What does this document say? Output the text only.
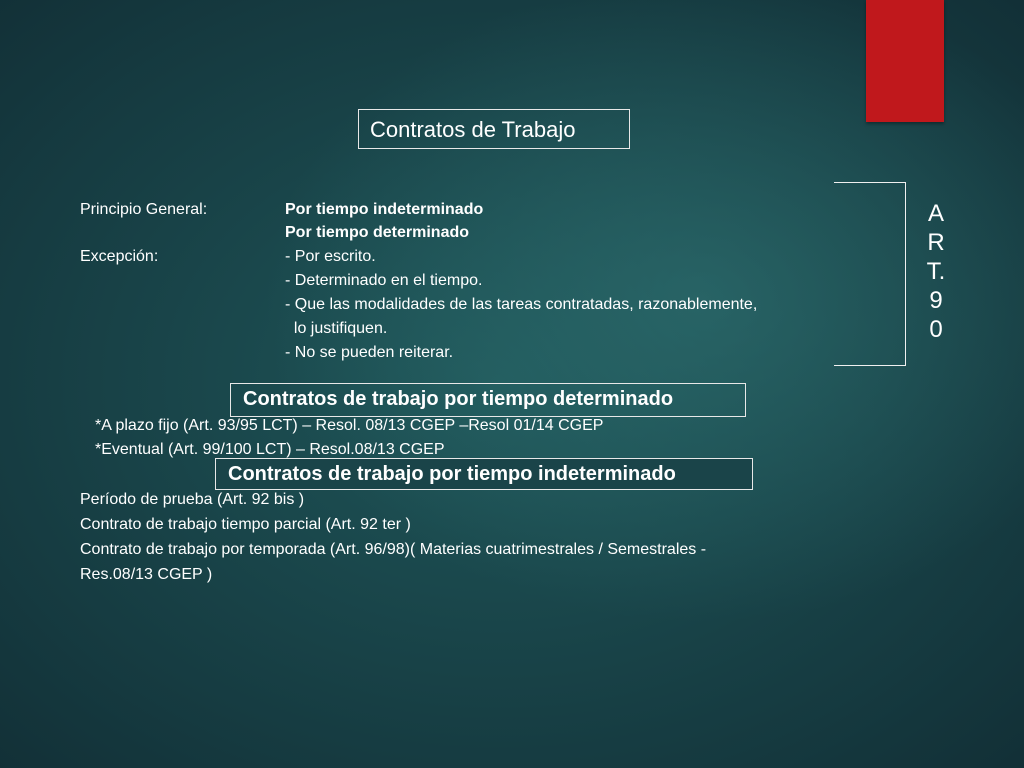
Contratos de Trabajo
Principio General:	Por tiempo indeterminado
Por tiempo determinado
Excepción:	- Por escrito.
- Determinado en el tiempo.
- Que las modalidades de las tareas contratadas, razonablemente,
lo justifiquen.
- No se pueden reiterar.
A
R
T.
9
0
Contratos de trabajo por tiempo determinado
*A plazo fijo (Art. 93/95 LCT) – Resol. 08/13 CGEP –Resol 01/14 CGEP
*Eventual (Art. 99/100 LCT) – Resol.08/13 CGEP
Contratos de trabajo por tiempo indeterminado
Período de prueba (Art. 92 bis )
Contrato de trabajo tiempo parcial (Art. 92 ter )
Contrato de trabajo por temporada (Art. 96/98)( Materias cuatrimestrales / Semestrales -
Res.08/13 CGEP )
